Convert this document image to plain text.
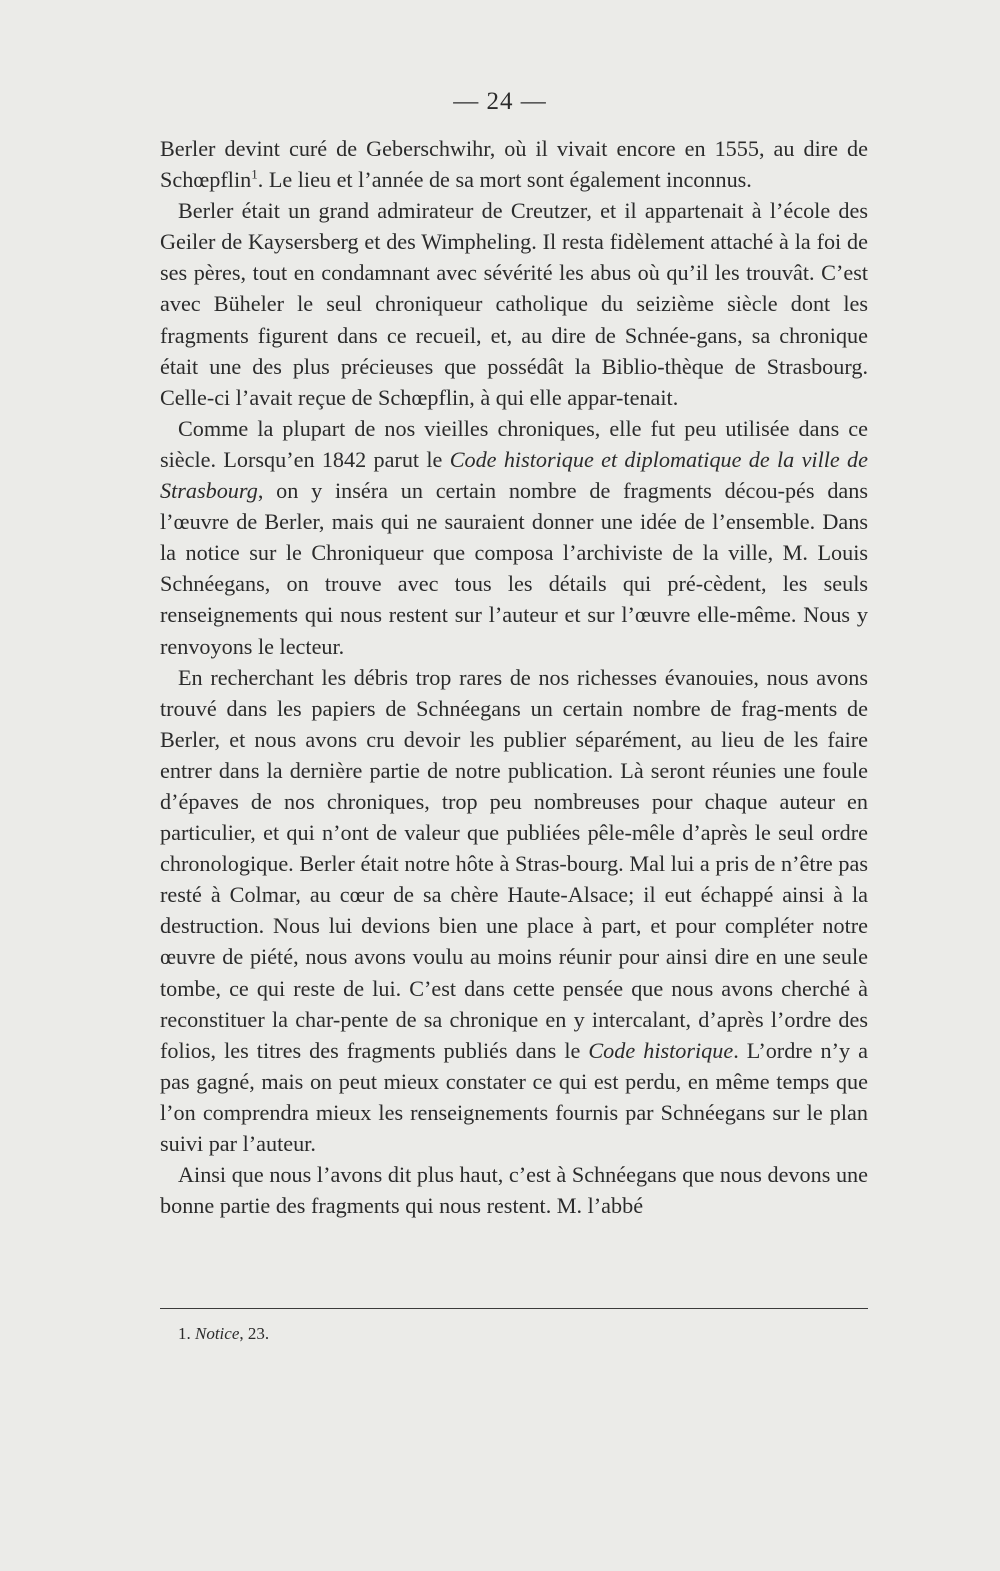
— 24 —

Berler devint curé de Geberschwihr, où il vivait encore en 1555, au dire de Schœpflin$^1$. Le lieu et l’année de sa mort sont également inconnus.

Berler était un grand admirateur de Creutzer, et il appartenait à l’école des Geiler de Kaysersberg et des Wimpheling. Il resta fidèlement attaché à la foi de ses pères, tout en condamnant avec sévérité les abus où qu’il les trouvât. C’est avec Büheler le seul chroniqueur catholique du seizième siècle dont les fragments figurent dans ce recueil, et, au dire de Schnée-gans, sa chronique était une des plus précieuses que possédât la Biblio-thèque de Strasbourg. Celle-ci l’avait reçue de Schœpflin, à qui elle appar-tenait.

Comme la plupart de nos vieilles chroniques, elle fut peu utilisée dans ce siècle. Lorsqu’en 1842 parut le Code historique et diplomatique de la ville de Strasbourg, on y inséra un certain nombre de fragments décou-pés dans l’œuvre de Berler, mais qui ne sauraient donner une idée de l’ensemble. Dans la notice sur le Chroniqueur que composa l’archiviste de la ville, M. Louis Schnéegans, on trouve avec tous les détails qui pré-cèdent, les seuls renseignements qui nous restent sur l’auteur et sur l’œuvre elle-même. Nous y renvoyons le lecteur.

En recherchant les débris trop rares de nos richesses évanouies, nous avons trouvé dans les papiers de Schnéegans un certain nombre de frag-ments de Berler, et nous avons cru devoir les publier séparément, au lieu de les faire entrer dans la dernière partie de notre publication. Là seront réunies une foule d’épaves de nos chroniques, trop peu nombreuses pour chaque auteur en particulier, et qui n’ont de valeur que publiées pêle-mêle d’après le seul ordre chronologique. Berler était notre hôte à Stras-bourg. Mal lui a pris de n’être pas resté à Colmar, au cœur de sa chère Haute-Alsace; il eut échappé ainsi à la destruction. Nous lui devions bien une place à part, et pour compléter notre œuvre de piété, nous avons voulu au moins réunir pour ainsi dire en une seule tombe, ce qui reste de lui. C’est dans cette pensée que nous avons cherché à reconstituer la char-pente de sa chronique en y intercalant, d’après l’ordre des folios, les titres des fragments publiés dans le Code historique. L’ordre n’y a pas gagné, mais on peut mieux constater ce qui est perdu, en même temps que l’on comprendra mieux les renseignements fournis par Schnéegans sur le plan suivi par l’auteur.

Ainsi que nous l’avons dit plus haut, c’est à Schnéegans que nous devons une bonne partie des fragments qui nous restent. M. l’abbé

1. Notice, 23.
